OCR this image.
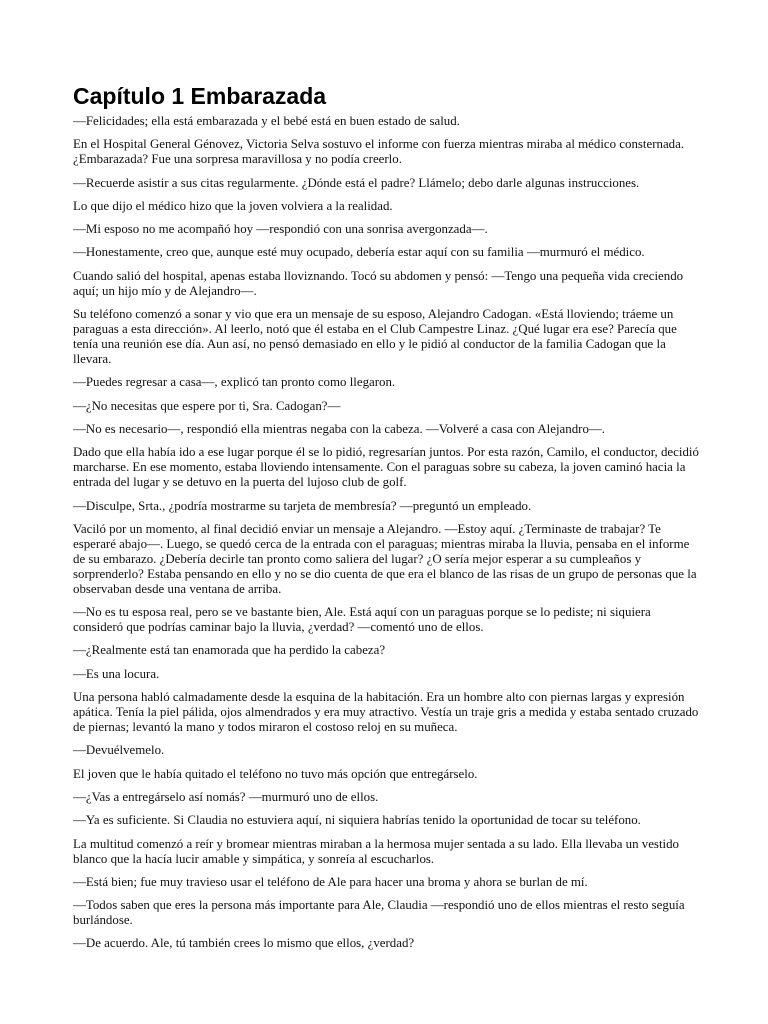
Capítulo 1 Embarazada

—Felicidades; ella está embarazada y el bebé está en buen estado de salud.

En el Hospital General Génovez, Victoria Selva sostuvo el informe con fuerza mientras miraba al médico consternada. ¿Embarazada? Fue una sorpresa maravillosa y no podía creerlo.

—Recuerde asistir a sus citas regularmente. ¿Dónde está el padre? Llámelo; debo darle algunas instrucciones.

Lo que dijo el médico hizo que la joven volviera a la realidad.

—Mi esposo no me acompañó hoy —respondió con una sonrisa avergonzada—.

—Honestamente, creo que, aunque esté muy ocupado, debería estar aquí con su familia —murmuró el médico.

Cuando salió del hospital, apenas estaba lloviznando. Tocó su abdomen y pensó: —Tengo una pequeña vida creciendo aquí; un hijo mío y de Alejandro—.

Su teléfono comenzó a sonar y vio que era un mensaje de su esposo, Alejandro Cadogan. «Está lloviendo; tráeme un paraguas a esta dirección». Al leerlo, notó que él estaba en el Club Campestre Linaz. ¿Qué lugar era ese? Parecía que tenía una reunión ese día. Aun así, no pensó demasiado en ello y le pidió al conductor de la familia Cadogan que la llevara.

—Puedes regresar a casa—, explicó tan pronto como llegaron.

—¿No necesitas que espere por ti, Sra. Cadogan?—

—No es necesario—, respondió ella mientras negaba con la cabeza. —Volveré a casa con Alejandro—.

Dado que ella había ido a ese lugar porque él se lo pidió, regresarían juntos. Por esta razón, Camilo, el conductor, decidió marcharse. En ese momento, estaba lloviendo intensamente. Con el paraguas sobre su cabeza, la joven caminó hacia la entrada del lugar y se detuvo en la puerta del lujoso club de golf.

—Disculpe, Srta., ¿podría mostrarme su tarjeta de membresía? —preguntó un empleado.

Vaciló por un momento, al final decidió enviar un mensaje a Alejandro. —Estoy aquí. ¿Terminaste de trabajar? Te esperaré abajo—. Luego, se quedó cerca de la entrada con el paraguas; mientras miraba la lluvia, pensaba en el informe de su embarazo. ¿Debería decirle tan pronto como saliera del lugar? ¿O sería mejor esperar a su cumpleaños y sorprenderlo? Estaba pensando en ello y no se dio cuenta de que era el blanco de las risas de un grupo de personas que la observaban desde una ventana de arriba.

—No es tu esposa real, pero se ve bastante bien, Ale. Está aquí con un paraguas porque se lo pediste; ni siquiera consideró que podrías caminar bajo la lluvia, ¿verdad? —comentó uno de ellos.

—¿Realmente está tan enamorada que ha perdido la cabeza?

—Es una locura.

Una persona habló calmadamente desde la esquina de la habitación. Era un hombre alto con piernas largas y expresión apática. Tenía la piel pálida, ojos almendrados y era muy atractivo. Vestía un traje gris a medida y estaba sentado cruzado de piernas; levantó la mano y todos miraron el costoso reloj en su muñeca.

—Devuélvemelo.

El joven que le había quitado el teléfono no tuvo más opción que entregárselo.

—¿Vas a entregárselo así nomás? —murmuró uno de ellos.

—Ya es suficiente. Si Claudia no estuviera aquí, ni siquiera habrías tenido la oportunidad de tocar su teléfono.

La multitud comenzó a reír y bromear mientras miraban a la hermosa mujer sentada a su lado. Ella llevaba un vestido blanco que la hacía lucir amable y simpática, y sonreía al escucharlos.

—Está bien; fue muy travieso usar el teléfono de Ale para hacer una broma y ahora se burlan de mí.

—Todos saben que eres la persona más importante para Ale, Claudia —respondió uno de ellos mientras el resto seguía burlándose.

—De acuerdo. Ale, tú también crees lo mismo que ellos, ¿verdad?
